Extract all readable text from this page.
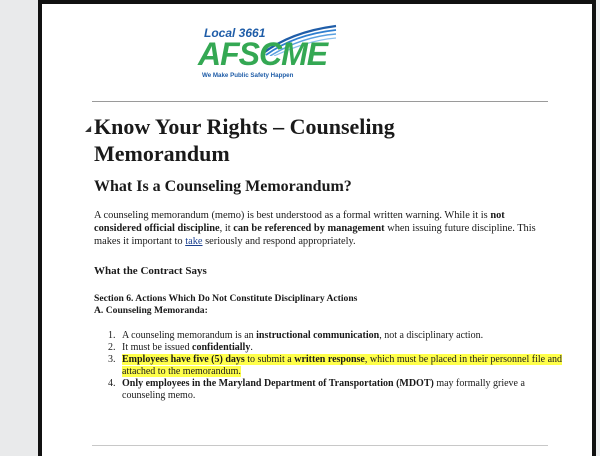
Local 3661
AFSCME
We Make Public Safety Happen
◢ Know Your Rights – Counseling Memorandum
What Is a Counseling Memorandum?

A counseling memorandum (memo) is best understood as a formal written warning. While it is not considered official discipline, it can be referenced by management when issuing future discipline. This makes it important to take seriously and respond appropriately.

What the Contract Says

Section 6. Actions Which Do Not Constitute Disciplinary Actions
A. Counseling Memoranda:

1. A counseling memorandum is an instructional communication, not a disciplinary action.
2. It must be issued confidentially.
3. Employees have five (5) days to submit a written response, which must be placed in their personnel file and attached to the memorandum.
4. Only employees in the Maryland Department of Transportation (MDOT) may formally grieve a counseling memo.
